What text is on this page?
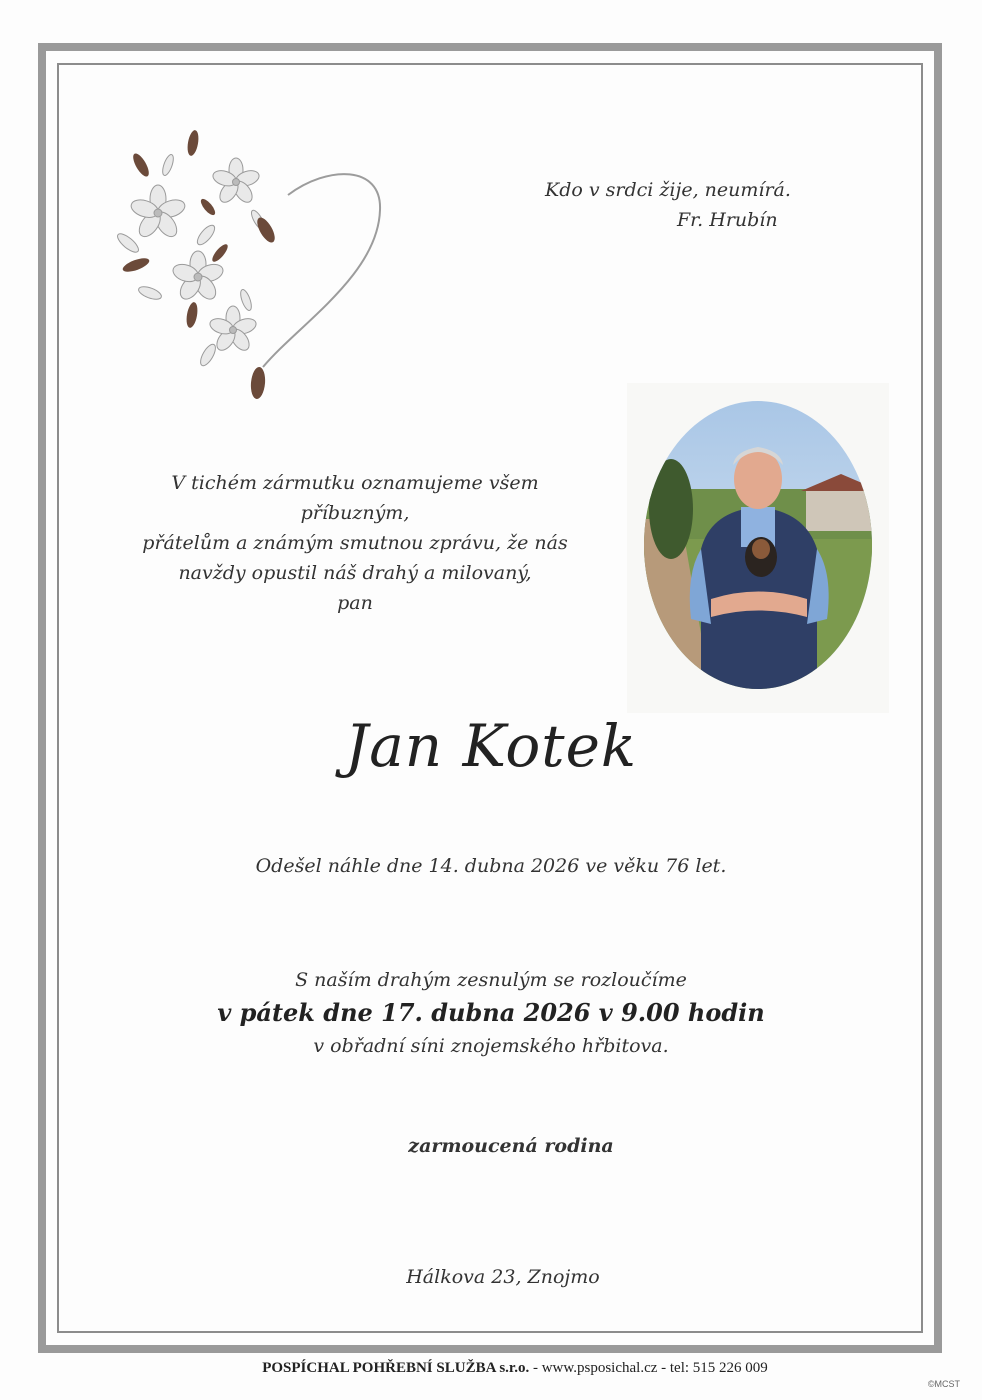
Kdo v srdci žije, neumírá.
Fr. Hrubín
V tichém zármutku oznamujeme všem příbuzným,
přátelům a známým smutnou zprávu, že nás
navždy opustil náš drahý a milovaný,
pan
Jan Kotek
Odešel náhle dne 14. dubna 2026 ve věku 76 let.
S naším drahým zesnulým se rozloučíme
v pátek dne 17. dubna 2026 v 9.00 hodin
v obřadní síni znojemského hřbitova.
zarmoucená rodina
Hálkova 23, Znojmo
POSPÍCHAL POHŘEBNÍ SLUŽBA s.r.o. - www.psposichal.cz - tel: 515 226 009
©MCST
